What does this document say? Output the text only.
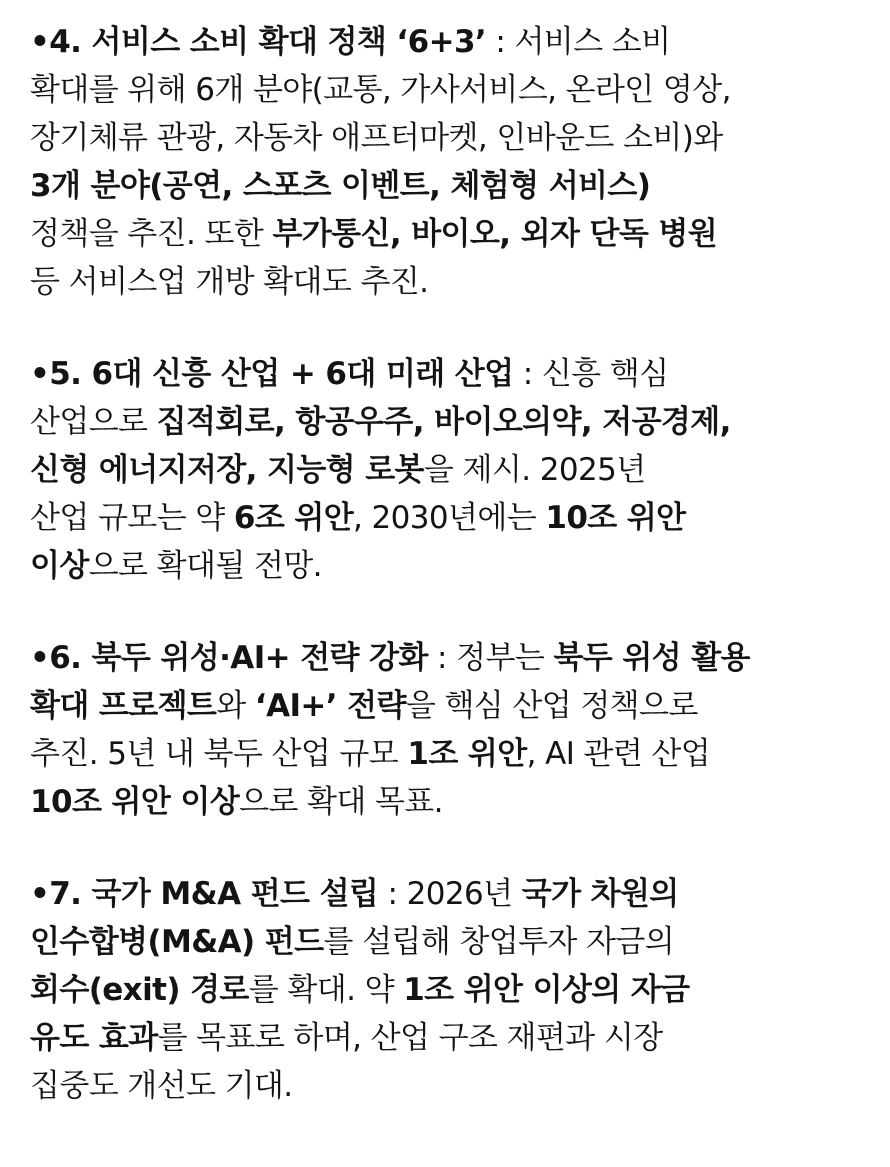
•4. 서비스 소비 확대 정책 ‘6+3’ : 서비스 소비
확대를 위해 6개 분야(교통, 가사서비스, 온라인 영상,
장기체류 관광, 자동차 애프터마켓, 인바운드 소비)와
3개 분야(공연, 스포츠 이벤트, 체험형 서비스)
정책을 추진. 또한 부가통신, 바이오, 외자 단독 병원
등 서비스업 개방 확대도 추진.
•5. 6대 신흥 산업 + 6대 미래 산업 : 신흥 핵심
산업으로 집적회로, 항공우주, 바이오의약, 저공경제,
신형 에너지저장, 지능형 로봇을 제시. 2025년
산업 규모는 약 6조 위안, 2030년에는 10조 위안
이상으로 확대될 전망.
•6. 북두 위성·AI+ 전략 강화 : 정부는 북두 위성 활용
확대 프로젝트와 ‘AI+’ 전략을 핵심 산업 정책으로
추진. 5년 내 북두 산업 규모 1조 위안, AI 관련 산업
10조 위안 이상으로 확대 목표.
•7. 국가 M&A 펀드 설립 : 2026년 국가 차원의
인수합병(M&A) 펀드를 설립해 창업투자 자금의
회수(exit) 경로를 확대. 약 1조 위안 이상의 자금
유도 효과를 목표로 하며, 산업 구조 재편과 시장
집중도 개선도 기대.
